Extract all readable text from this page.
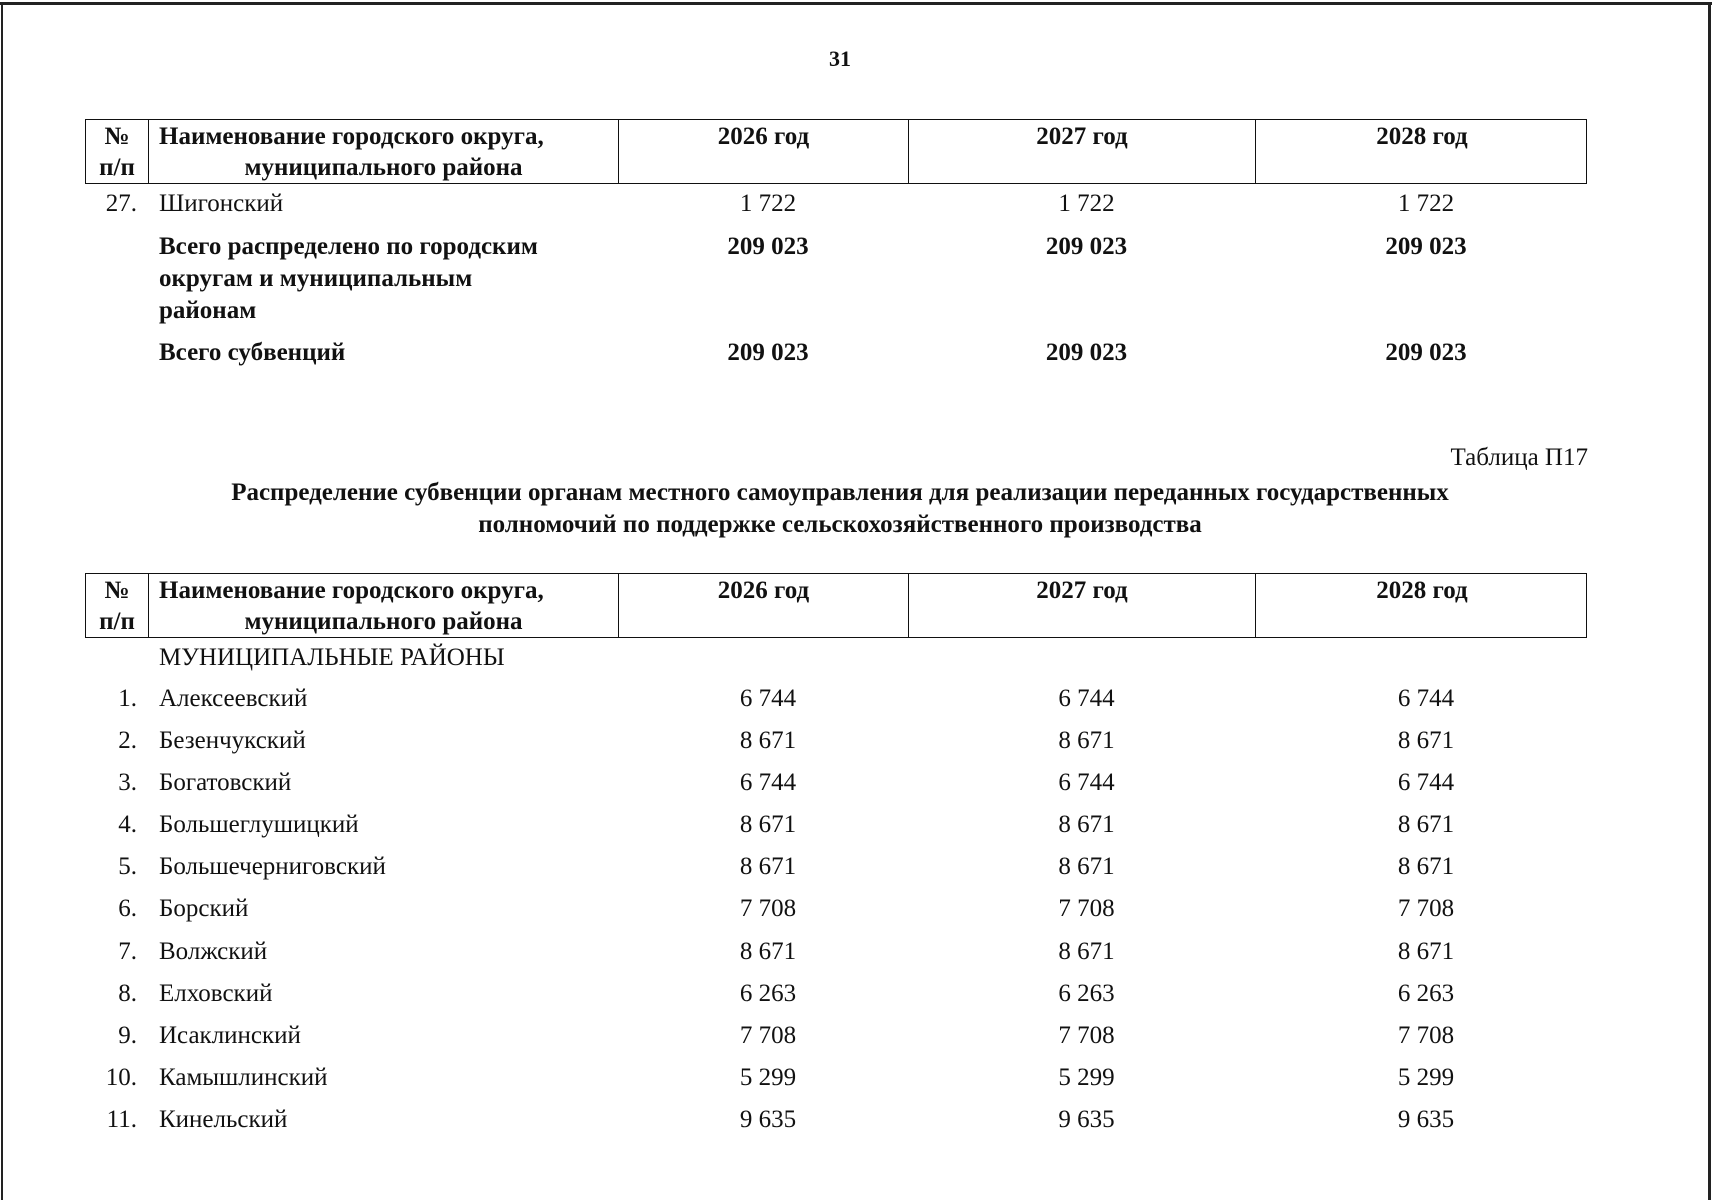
31
№
п/п
Наименование городского округа,
муниципального района
2026 год	2027 год	2028 год
27. Шигонский	1 722	1 722	1 722
Всего распределено по городским
округам и муниципальным
районам
209 023	209 023	209 023
Всего субвенций	209 023	209 023	209 023
Таблица П17
Распределение субвенции органам местного самоуправления для реализации переданных государственных
полномочий по поддержке сельскохозяйственного производства
№
п/п
Наименование городского округа,
муниципального района
2026 год	2027 год	2028 год
МУНИЦИПАЛЬНЫЕ РАЙОНЫ
1. Алексеевский	6 744	6 744	6 744
2. Безенчукский	8 671	8 671	8 671
3. Богатовский	6 744	6 744	6 744
4. Большеглушицкий	8 671	8 671	8 671
5. Большечерниговский	8 671	8 671	8 671
6. Борский	7 708	7 708	7 708
7. Волжский	8 671	8 671	8 671
8. Елховский	6 263	6 263	6 263
9. Исаклинский	7 708	7 708	7 708
10. Камышлинский	5 299	5 299	5 299
11. Кинельский	9 635	9 635	9 635
